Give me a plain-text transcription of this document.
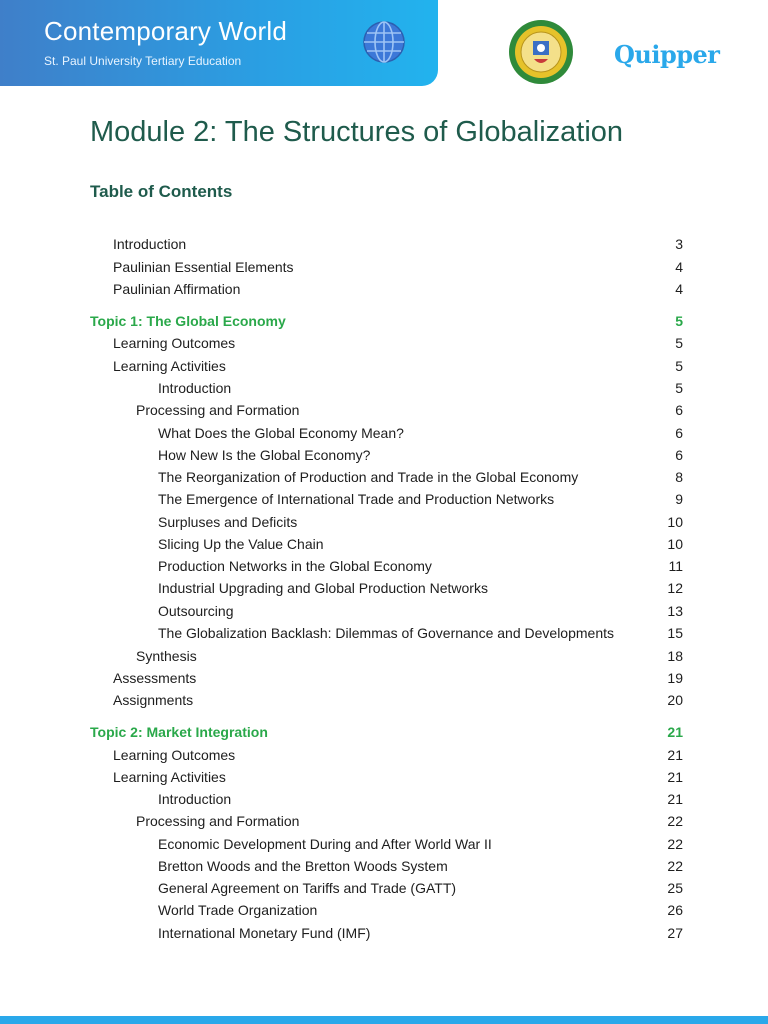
Contemporary World
St. Paul University Tertiary Education	Quipper
Module 2: The Structures of Globalization
Table of Contents
Introduction	3
Paulinian Essential Elements	4
Paulinian Affirmation	4
Topic 1: The Global Economy	5
Learning Outcomes	5
Learning Activities	5
Introduction	5
Processing and Formation	6
What Does the Global Economy Mean?	6
How New Is the Global Economy?	6
The Reorganization of Production and Trade in the Global Economy	8
The Emergence of International Trade and Production Networks	9
Surpluses and Deficits	10
Slicing Up the Value Chain	10
Production Networks in the Global Economy	11
Industrial Upgrading and Global Production Networks	12
Outsourcing	13
The Globalization Backlash: Dilemmas of Governance and Developments	15
Synthesis	18
Assessments	19
Assignments	20
Topic 2: Market Integration	21
Learning Outcomes	21
Learning Activities	21
Introduction	21
Processing and Formation	22
Economic Development During and After World War II	22
Bretton Woods and the Bretton Woods System	22
General Agreement on Tariffs and Trade (GATT)	25
World Trade Organization	26
International Monetary Fund (IMF)	27
